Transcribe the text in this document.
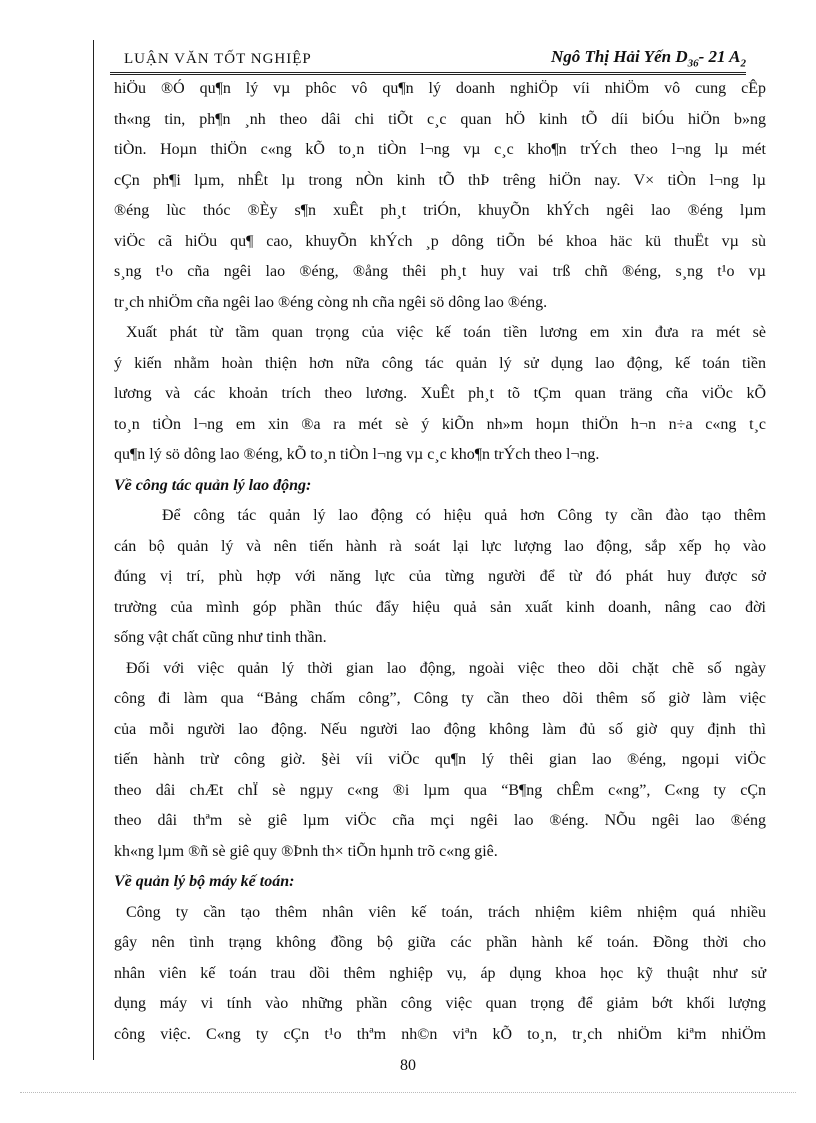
LUẬN VĂN TỐT NGHIỆP	Ngô Thị Hải Yến $D_{36}-$ 21 $A_2$
hiÖu ®Ó qu¶n lý vµ phôc vô qu¶n lý doanh nghiÖp víi nhiÖm vô cung cÊp
th«ng tin, ph¶n ¸nh theo dâi chi tiÕt c¸c quan hÖ kinh tÕ díi biÓu hiÖn b»ng
tiÒn. Hoµn thiÖn c«ng kÕ to¸n tiÒn l¬ng vµ c¸c kho¶n trÝch theo l¬ng lµ mét
cÇn ph¶i lµm, nhÊt lµ trong nÒn kinh tÕ thÞ trêng hiÖn nay. V× tiÒn l¬ng lµ
®éng lùc thóc ®Èy s¶n xuÊt ph¸t triÓn, khuyÕn khÝch ngêi lao ®éng lµm
viÖc cã hiÖu qu¶ cao, khuyÕn khÝch ¸p dông tiÕn bé khoa häc kü thuËt vµ sù
s¸ng t¹o cña ngêi lao ®éng, ®ång thêi ph¸t huy vai trß chñ ®éng, s¸ng t¹o vµ
tr¸ch nhiÖm cña ngêi lao ®éng còng nh cña ngêi sö dông lao ®éng.
Xuất phát từ tầm quan trọng của việc kế toán tiền lương em xin đưa ra mét sè
ý kiến nhằm hoàn thiện hơn nữa công tác quản lý sử dụng lao động, kế toán tiền
lương và các khoản trích theo lương. XuÊt ph¸t tõ tÇm quan träng cña viÖc kÕ
to¸n tiÒn l¬ng em xin ®a ra mét sè ý kiÕn nh»m hoµn thiÖn h¬n n÷a c«ng t¸c
qu¶n lý sö dông lao ®éng, kÕ to¸n tiÒn l¬ng vµ c¸c kho¶n trÝch theo l¬ng.
Về công tác quản lý lao động:
Để công tác quản lý lao động có hiệu quả hơn Công ty cần đào tạo thêm
cán bộ quản lý và nên tiến hành rà soát lại lực lượng lao động, sắp xếp họ vào
đúng vị trí, phù hợp với năng lực của từng người để từ đó phát huy được sở
trường của mình góp phần thúc đẩy hiệu quả sản xuất kinh doanh, nâng cao đời
sống vật chất cũng như tinh thần.
Đối với việc quản lý thời gian lao động, ngoài việc theo dõi chặt chẽ số ngày
công đi làm qua “Bảng chấm công”, Công ty cần theo dõi thêm số giờ làm việc
của mỗi người lao động. Nếu người lao động không làm đủ số giờ quy định thì
tiến hành trừ công giờ. §èi víi viÖc qu¶n lý thêi gian lao ®éng, ngoµi viÖc
theo dâi chÆt chÏ sè ngµy c«ng ®i lµm qua “B¶ng chÊm c«ng”, C«ng ty cÇn
theo dâi thªm sè giê lµm viÖc cña mçi ngêi lao ®éng. NÕu ngêi lao ®éng
kh«ng lµm ®ñ sè giê quy ®Þnh th× tiÕn hµnh trõ c«ng giê.
Về quản lý bộ máy kế toán:
Công ty cần tạo thêm nhân viên kế toán, trách nhiệm kiêm nhiệm quá nhiều
gây nên tình trạng không đồng bộ giữa các phần hành kế toán. Đồng thời cho
nhân viên kế toán trau dồi thêm nghiệp vụ, áp dụng khoa học kỹ thuật như sử
dụng máy vi tính vào những phần công việc quan trọng để giảm bớt khối lượng
công việc. C«ng ty cÇn t¹o thªm nh©n viªn kÕ to¸n, tr¸ch nhiÖm kiªm nhiÖm
80
